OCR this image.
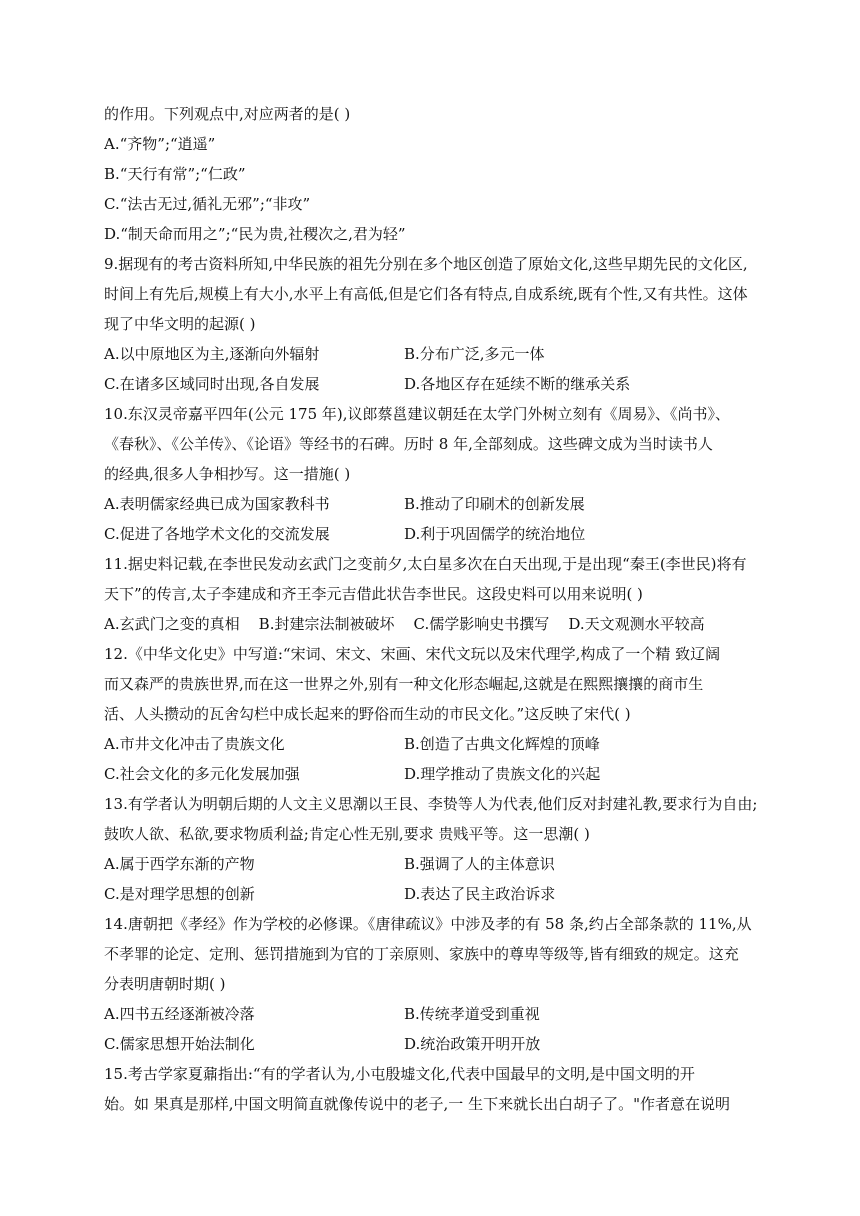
的作用。下列观点中,对应两者的是( )
A.“齐物”;“逍遥”
B.“天行有常”;“仁政”
C.“法古无过,循礼无邪”;“非攻”
D.“制天命而用之”;“民为贵,社稷次之,君为轻”
9.据现有的考古资料所知,中华民族的祖先分别在多个地区创造了原始文化,这些早期先民的文化区,
时间上有先后,规模上有大小,水平上有高低,但是它们各有特点,自成系统,既有个性,又有共性。这体
现了中华文明的起源( )
A.以中原地区为主,逐渐向外辐射	B.分布广泛,多元一体
C.在诸多区域同时出现,各自发展	D.各地区存在延续不断的继承关系
10.东汉灵帝嘉平四年(公元 175 年),议郎蔡邕建议朝廷在太学门外树立刻有《周易》、《尚书》、
《春秋》、《公羊传》、《论语》等经书的石碑。历时 8 年,全部刻成。这些碑文成为当时读书人
的经典,很多人争相抄写。这一措施( )
A.表明儒家经典已成为国家教科书	B.推动了印刷术的创新发展
C.促进了各地学术文化的交流发展	D.利于巩固儒学的统治地位
11.据史料记载,在李世民发动玄武门之变前夕,太白星多次在白天出现,于是出现“秦王(李世民)将有
天下”的传言,太子李建成和齐王李元吉借此状告李世民。这段史料可以用来说明( )
A.玄武门之变的真相    B.封建宗法制被破坏    C.儒学影响史书撰写    D.天文观测水平较高
12.《中华文化史》中写道:“宋词、宋文、宋画、宋代文玩以及宋代理学,构成了一个精 致辽阔
而又森严的贵族世界,而在这一世界之外,别有一种文化形态崛起,这就是在熙熙攘攘的商市生
活、人头攒动的瓦舍勾栏中成长起来的野俗而生动的市民文化。”这反映了宋代( )
A.市井文化冲击了贵族文化	B.创造了古典文化辉煌的顶峰
C.社会文化的多元化发展加强	D.理学推动了贵族文化的兴起
13.有学者认为明朝后期的人文主义思潮以王艮、李贽等人为代表,他们反对封建礼教,要求行为自由;
鼓吹人欲、私欲,要求物质利益;肯定心性无别,要求 贵贱平等。这一思潮( )
A.属于西学东渐的产物	B.强调了人的主体意识
C.是对理学思想的创新	D.表达了民主政治诉求
14.唐朝把《孝经》作为学校的必修课。《唐律疏议》中涉及孝的有 58 条,约占全部条款的 11%,从
不孝罪的论定、定刑、惩罚措施到为官的丁亲原则、家族中的尊卑等级等,皆有细致的规定。这充
分表明唐朝时期( )
A.四书五经逐渐被冷落	B.传统孝道受到重视
C.儒家思想开始法制化	D.统治政策开明开放
15.考古学家夏鼐指出:“有的学者认为,小屯殷墟文化,代表中国最早的文明,是中国文明的开
始。如 果真是那样,中国文明简直就像传说中的老子,一 生下来就长出白胡子了。"作者意在说明
